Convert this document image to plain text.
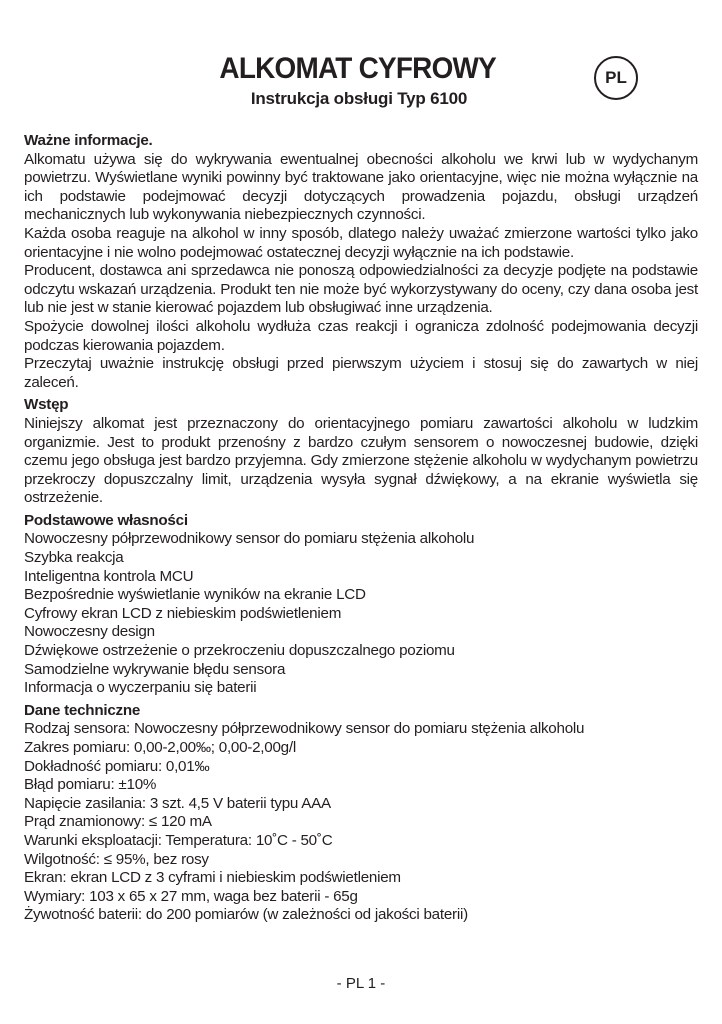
ALKOMAT CYFROWY
Instrukcja obsługi Typ 6100
PL
Ważne informacje.

Alkomatu używa się do wykrywania ewentualnej obecności alkoholu we krwi lub w wydychanym powietrzu. Wyświetlane wyniki powinny być traktowane jako orientacyjne, więc nie można wyłącznie na ich podstawie podejmować decyzji dotyczących prowadzenia pojazdu, obsługi urządzeń mechanicznych lub wykonywania niebezpiecznych czynności.

Każda osoba reaguje na alkohol w inny sposób, dlatego należy uważać zmierzone wartości tylko jako orientacyjne i nie wolno podejmować ostatecznej decyzji wyłącznie na ich podstawie.

Producent, dostawca ani sprzedawca nie ponoszą odpowiedzialności za decyzje podjęte na podstawie odczytu wskazań urządzenia. Produkt ten nie może być wykorzystywany do oceny, czy dana osoba jest lub nie jest w stanie kierować pojazdem lub obsługiwać inne urządzenia.

Spożycie dowolnej ilości alkoholu wydłuża czas reakcji i ogranicza zdolność podejmowania decyzji podczas kierowania pojazdem.

Przeczytaj uważnie instrukcję obsługi przed pierwszym użyciem i stosuj się do zawartych w niej zaleceń.

Wstęp

Niniejszy alkomat jest przeznaczony do orientacyjnego pomiaru zawartości alkoholu w ludzkim organizmie. Jest to produkt przenośny z bardzo czułym sensorem o nowoczesnej budowie, dzięki czemu jego obsługa jest bardzo przyjemna. Gdy zmierzone stężenie alkoholu w wydychanym powietrzu przekroczy dopuszczalny limit, urządzenia wysyła sygnał dźwiękowy, a na ekranie wyświetla się ostrzeżenie.

Podstawowe własności
Nowoczesny półprzewodnikowy sensor do pomiaru stężenia alkoholu
Szybka reakcja
Inteligentna kontrola MCU
Bezpośrednie wyświetlanie wyników na ekranie LCD
Cyfrowy ekran LCD z niebieskim podświetleniem
Nowoczesny design
Dźwiękowe ostrzeżenie o przekroczeniu dopuszczalnego poziomu
Samodzielne wykrywanie błędu sensora
Informacja o wyczerpaniu się baterii
Dane techniczne
Rodzaj sensora: Nowoczesny półprzewodnikowy sensor do pomiaru stężenia alkoholu
Zakres pomiaru: 0,00-2,00‰; 0,00-2,00g/l
Dokładność pomiaru: 0,01‰
Błąd pomiaru: ±10%
Napięcie zasilania: 3 szt. 4,5 V baterii typu AAA
Prąd znamionowy: ≤ 120 mA
Warunki eksploatacji: Temperatura: 10˚C - 50˚C
Wilgotność: ≤ 95%, bez rosy
Ekran: ekran LCD z 3 cyframi i niebieskim podświetleniem
Wymiary: 103 x 65 x 27 mm, waga bez baterii - 65g
Żywotność baterii: do 200 pomiarów (w zależności od jakości baterii)
- PL 1 -
